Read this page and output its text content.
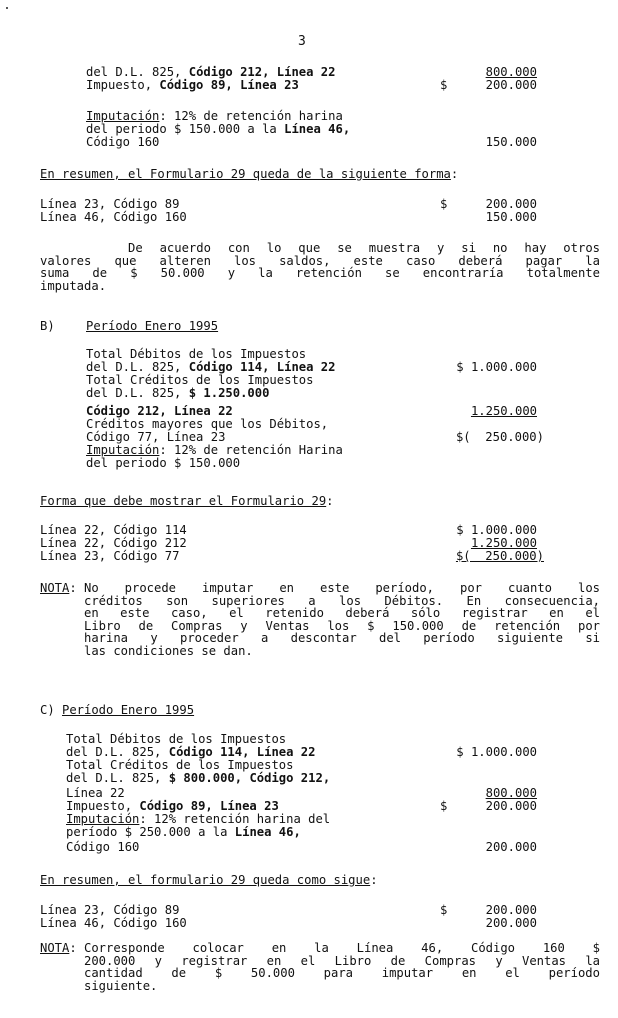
3
del D.L. 825, Código 212, Línea 22	800.000
Impuesto, Código 89, Línea 23	$	200.000
Imputación: 12% de retención harina
del periodo $ 150.000 a la Línea 46,
Código 160	150.000
En resumen, el Formulario 29 queda de la siguiente forma:
Línea 23, Código 89	$	200.000
Línea 46, Código 160	150.000
De acuerdo con lo que se muestra y si no hay otros
valores que alteren los saldos, este caso deberá pagar la
suma de $ 50.000 y la retención se encontraría totalmente
imputada.
B)	Período Enero 1995
Total Débitos de los Impuestos
del D.L. 825, Código 114, Línea 22	$ 1.000.000
Total Créditos de los Impuestos
del D.L. 825, $ 1.250.000
Código 212, Línea 22	1.250.000
Créditos mayores que los Débitos,
Código 77, Línea 23	$(  250.000)
Imputación: 12% de retención Harina
del periodo $ 150.000
Forma que debe mostrar el Formulario 29:
Línea 22, Código 114	$ 1.000.000
Línea 22, Código 212	1.250.000
Línea 23, Código 77	$(  250.000)
NOTA: No procede imputar en este período, por cuanto los
créditos son superiores a los Débitos. En consecuencia,
en este caso, el retenido deberá sólo registrar en el
Libro de Compras y Ventas los $ 150.000 de retención por
harina y proceder a descontar del período siguiente si
las condiciones se dan.
C) Período Enero 1995
Total Débitos de los Impuestos
del D.L. 825, Código 114, Línea 22	$ 1.000.000
Total Créditos de los Impuestos
del D.L. 825, $ 800.000, Código 212,
Línea 22	800.000
Impuesto, Código 89, Línea 23	$	200.000
Imputación: 12% retención harina del
período $ 250.000 a la Línea 46,
Código 160	200.000
En resumen, el formulario 29 queda como sigue:
Línea 23, Código 89	$	200.000
Línea 46, Código 160	200.000
NOTA: Corresponde colocar en la Línea 46, Código 160 $
200.000 y registrar en el Libro de Compras y Ventas la
cantidad de $ 50.000 para imputar en el período
siguiente.
